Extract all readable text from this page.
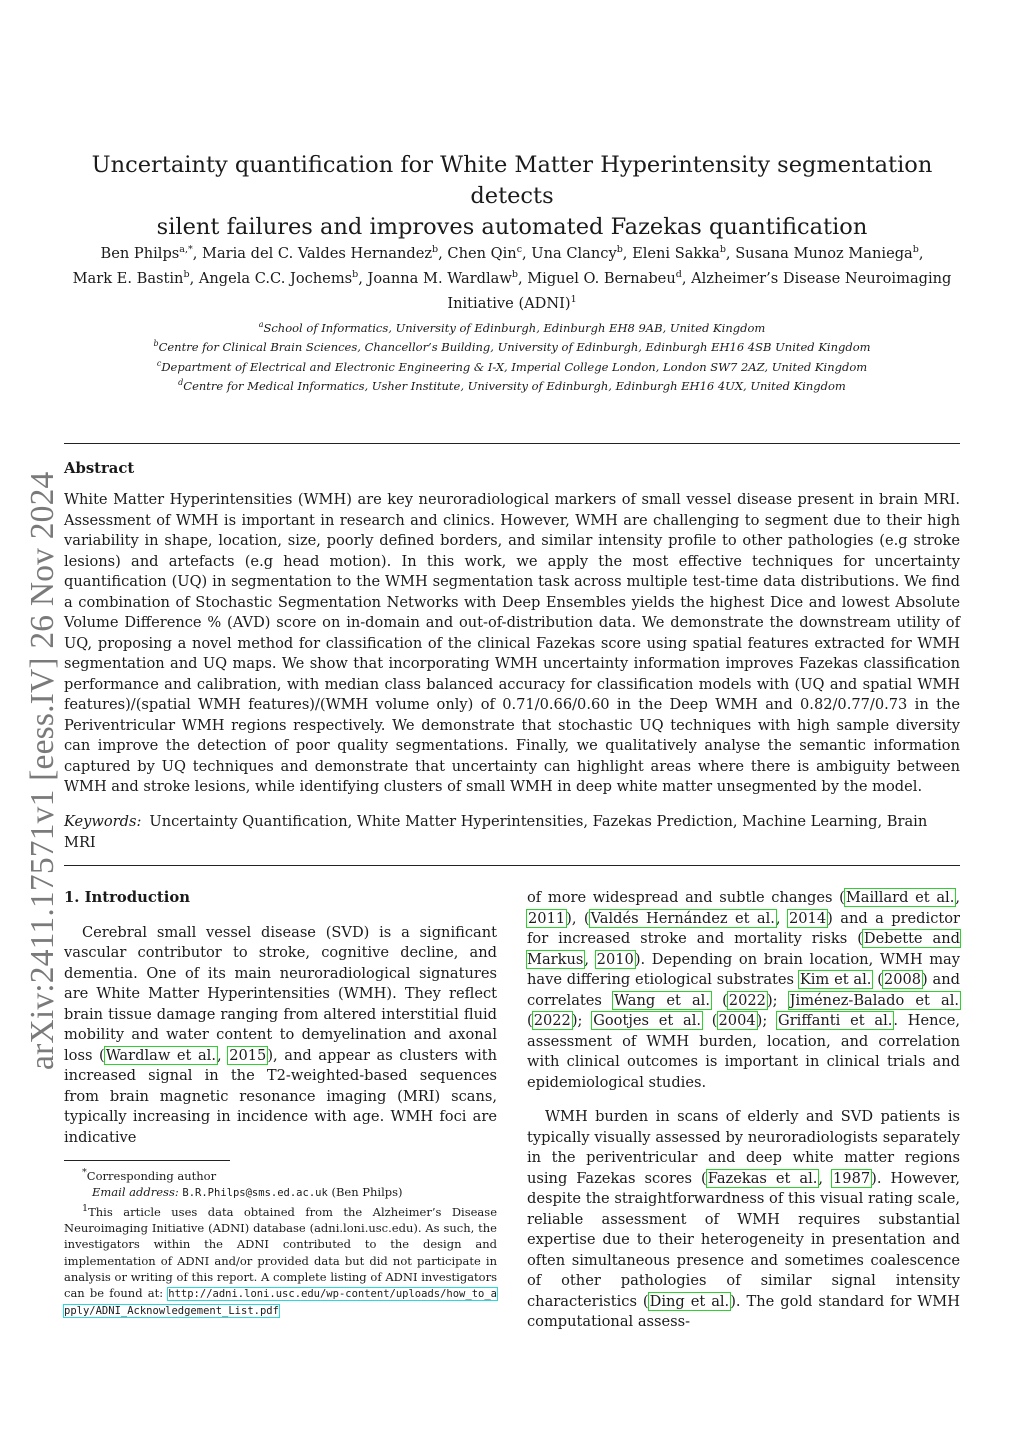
Uncertainty quantification for White Matter Hyperintensity segmentation detects
silent failures and improves automated Fazekas quantification
Ben Philps$^{a,*}$, Maria del C. Valdes Hernandez$^b$, Chen Qin$^c$, Una Clancy$^b$, Eleni Sakka$^b$, Susana Munoz Maniega$^b$,
Mark E. Bastin$^b$, Angela C.C. Jochems$^b$, Joanna M. Wardlaw$^b$, Miguel O. Bernabeu$^d$, Alzheimer’s Disease Neuroimaging Initiative (ADNI)$^1$
$^a$School of Informatics, University of Edinburgh, Edinburgh EH8 9AB, United Kingdom
$^b$Centre for Clinical Brain Sciences, Chancellor’s Building, University of Edinburgh, Edinburgh EH16 4SB United Kingdom
$^c$Department of Electrical and Electronic Engineering & I-X, Imperial College London, London SW7 2AZ, United Kingdom
$^d$Centre for Medical Informatics, Usher Institute, University of Edinburgh, Edinburgh EH16 4UX, United Kingdom
arXiv:2411.17571v1 [eess.IV] 26 Nov 2024
Abstract
White Matter Hyperintensities (WMH) are key neuroradiological markers of small vessel disease present in brain MRI. Assessment of WMH is important in research and clinics. However, WMH are challenging to segment due to their high variability in shape, location, size, poorly defined borders, and similar intensity profile to other pathologies (e.g stroke lesions) and artefacts (e.g head motion). In this work, we apply the most effective techniques for uncertainty quantification (UQ) in segmentation to the WMH segmentation task across multiple test-time data distributions. We find a combination of Stochastic Segmentation Networks with Deep Ensembles yields the highest Dice and lowest Absolute Volume Difference % (AVD) score on in-domain and out-of-distribution data. We demonstrate the downstream utility of UQ, proposing a novel method for classification of the clinical Fazekas score using spatial features extracted for WMH segmentation and UQ maps. We show that incorporating WMH uncertainty information improves Fazekas classification performance and calibration, with median class balanced accuracy for classification models with (UQ and spatial WMH features)/(spatial WMH features)/(WMH volume only) of 0.71/0.66/0.60 in the Deep WMH and 0.82/0.77/0.73 in the Periventricular WMH regions respectively. We demonstrate that stochastic UQ techniques with high sample diversity can improve the detection of poor quality segmentations. Finally, we qualitatively analyse the semantic information captured by UQ techniques and demonstrate that uncertainty can highlight areas where there is ambiguity between WMH and stroke lesions, while identifying clusters of small WMH in deep white matter unsegmented by the model.
Keywords: Uncertainty Quantification, White Matter Hyperintensities, Fazekas Prediction, Machine Learning, Brain MRI
1. Introduction

Cerebral small vessel disease (SVD) is a significant vascular contributor to stroke, cognitive decline, and dementia. One of its main neuroradiological signatures are White Matter Hyperintensities (WMH). They reflect brain tissue damage ranging from altered interstitial fluid mobility and water content to demyelination and axonal loss (Wardlaw et al., 2015), and appear as clusters with increased signal in the T2-weighted-based sequences from brain magnetic resonance imaging (MRI) scans, typically increasing in incidence with age. WMH foci are indicative

of more widespread and subtle changes (Maillard et al., 2011), (Valdés Hernández et al., 2014) and a predictor for increased stroke and mortality risks (Debette and Markus, 2010). Depending on brain location, WMH may have differing etiological substrates Kim et al. (2008) and correlates Wang et al. (2022); Jiménez-Balado et al. (2022); Gootjes et al. (2004); Griffanti et al.. Hence, assessment of WMH burden, location, and correlation with clinical outcomes is important in clinical trials and epidemiological studies.

WMH burden in scans of elderly and SVD patients is typically visually assessed by neuroradiologists separately in the periventricular and deep white matter regions using Fazekas scores (Fazekas et al., 1987). However, despite the straightforwardness of this visual rating scale, reliable assessment of WMH requires substantial expertise due to their heterogeneity in presentation and often simultaneous presence and sometimes coalescence of other pathologies of similar signal intensity characteristics (Ding et al.). The gold standard for WMH computational assess-

*Corresponding author
Email address: B.R.Philps@sms.ed.ac.uk (Ben Philps)
$^1$This article uses data obtained from the Alzheimer’s Disease Neuroimaging Initiative (ADNI) database (adni.loni.usc.edu). As such, the investigators within the ADNI contributed to the design and implementation of ADNI and/or provided data but did not participate in analysis or writing of this report. A complete listing of ADNI investigators can be found at: http://adni.loni.usc.edu/wp-content/uploads/how_to_apply/ADNI_Acknowledgement_List.pdf
